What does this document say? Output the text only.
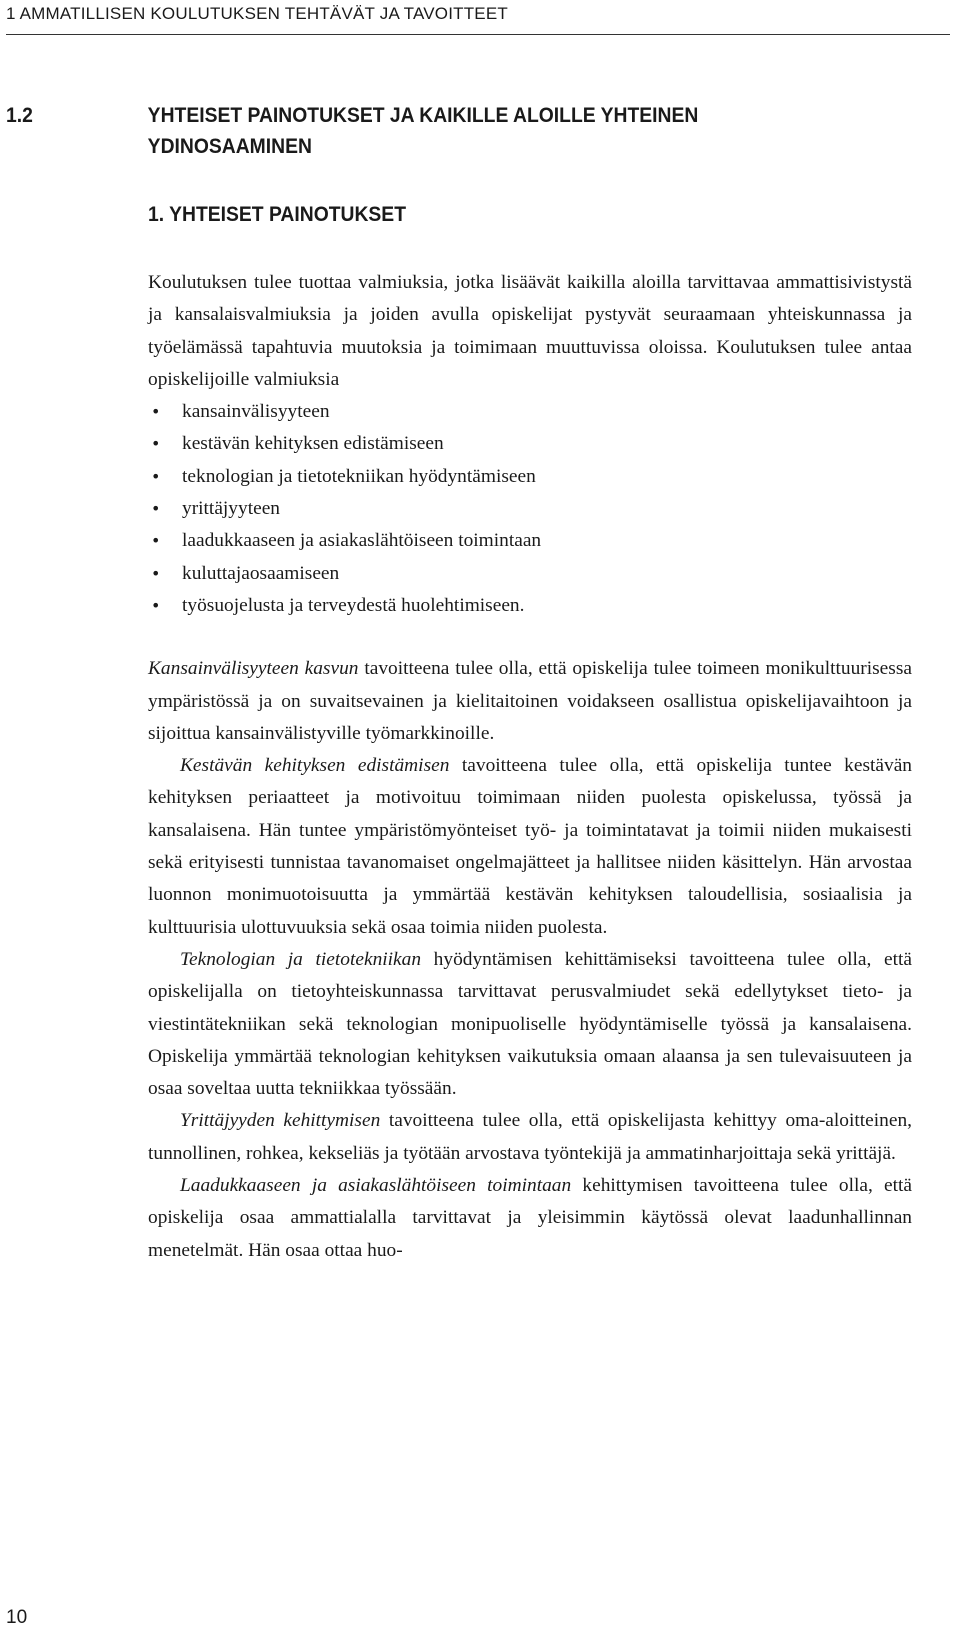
1 AMMATILLISEN KOULUTUKSEN TEHTÄVÄT JA TAVOITTEET
1.2	YHTEISET PAINOTUKSET JA KAIKILLE ALOILLE YHTEINEN YDINOSAAMINEN
1. YHTEISET PAINOTUKSET

Koulutuksen tulee tuottaa valmiuksia, jotka lisäävät kaikilla aloilla tarvittavaa ammattisivistystä ja kansalaisvalmiuksia ja joiden avulla opiskelijat pystyvät seuraamaan yhteiskunnassa ja työelämässä tapahtuvia muutoksia ja toimimaan muuttuvissa oloissa. Koulutuksen tulee antaa opiskelijoille valmiuksia

• kansainvälisyyteen
• kestävän kehityksen edistämiseen
• teknologian ja tietotekniikan hyödyntämiseen
• yrittäjyyteen
• laadukkaaseen ja asiakaslähtöiseen toimintaan
• kuluttajaosaamiseen
• työsuojelusta ja terveydestä huolehtimiseen.

Kansainvälisyyteen kasvun tavoitteena tulee olla, että opiskelija tulee toimeen monikulttuurisessa ympäristössä ja on suvaitsevainen ja kielitaitoinen voidakseen osallistua opiskelijavaihtoon ja sijoittua kansainvälistyville työmarkkinoille.

Kestävän kehityksen edistämisen tavoitteena tulee olla, että opiskelija tuntee kestävän kehityksen periaatteet ja motivoituu toimimaan niiden puolesta opiskelussa, työssä ja kansalaisena. Hän tuntee ympäristömyönteiset työ- ja toimintatavat ja toimii niiden mukaisesti sekä erityisesti tunnistaa tavanomaiset ongelmajätteet ja hallitsee niiden käsittelyn. Hän arvostaa luonnon monimuotoisuutta ja ymmärtää kestävän kehityksen taloudellisia, sosiaalisia ja kulttuurisia ulottuvuuksia sekä osaa toimia niiden puolesta.

Teknologian ja tietotekniikan hyödyntämisen kehittämiseksi tavoitteena tulee olla, että opiskelijalla on tietoyhteiskunnassa tarvittavat perusvalmiudet sekä edellytykset tieto- ja viestintätekniikan sekä teknologian monipuoliselle hyödyntämiselle työssä ja kansalaisena. Opiskelija ymmärtää teknologian kehityksen vaikutuksia omaan alaansa ja sen tulevaisuuteen ja osaa soveltaa uutta tekniikkaa työssään.

Yrittäjyyden kehittymisen tavoitteena tulee olla, että opiskelijasta kehittyy oma-aloitteinen, tunnollinen, rohkea, kekseliäs ja työtään arvostava työntekijä ja ammatinharjoittaja sekä yrittäjä.

Laadukkaaseen ja asiakaslähtöiseen toimintaan kehittymisen tavoitteena tulee olla, että opiskelija osaa ammattialalla tarvittavat ja yleisimmin käytössä olevat laadunhallinnan menetelmät. Hän osaa ottaa huo-

10
